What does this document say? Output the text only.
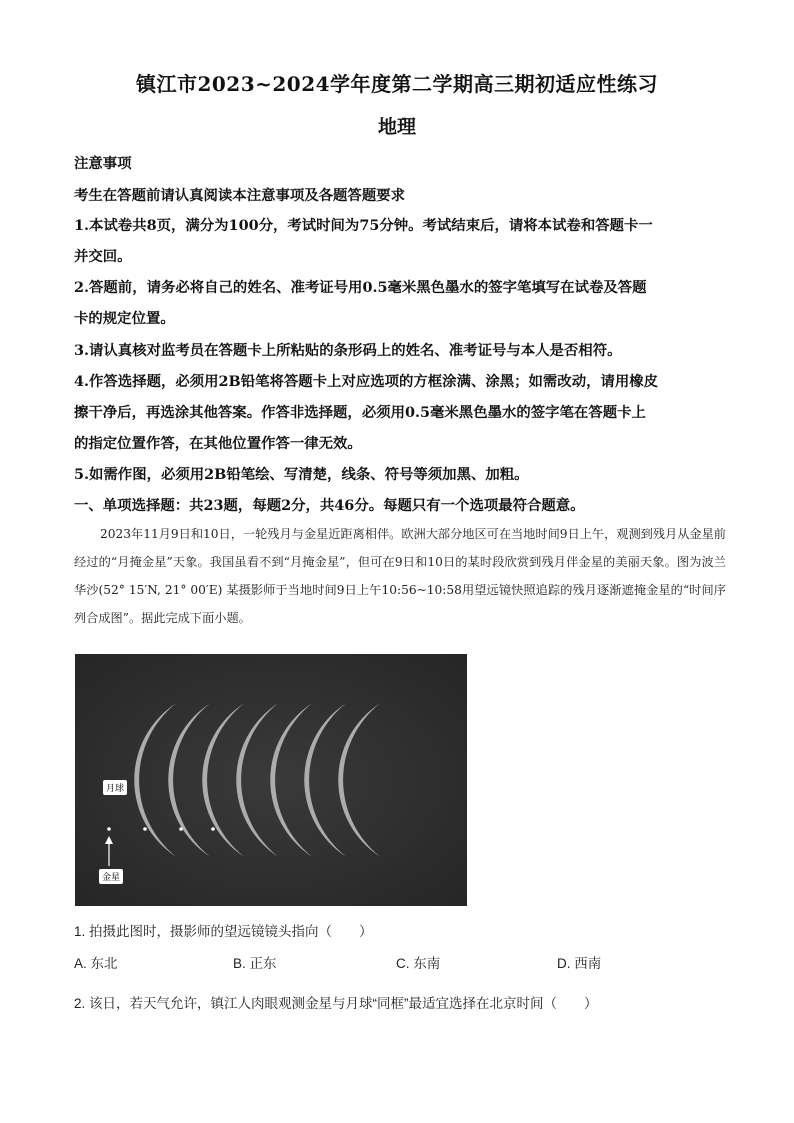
镇江市2023~2024学年度第二学期高三期初适应性练习
地理
注意事项
考生在答题前请认真阅读本注意事项及各题答题要求
1.本试卷共8页，满分为100分，考试时间为75分钟。考试结束后，请将本试卷和答题卡一
并交回。
2.答题前，请务必将自己的姓名、准考证号用0.5毫米黑色墨水的签字笔填写在试卷及答题
卡的规定位置。
3.请认真核对监考员在答题卡上所粘贴的条形码上的姓名、准考证号与本人是否相符。
4.作答选择题，必须用2B铅笔将答题卡上对应选项的方框涂满、涂黑；如需改动，请用橡皮
擦干净后，再选涂其他答案。作答非选择题，必须用0.5毫米黑色墨水的签字笔在答题卡上
的指定位置作答，在其他位置作答一律无效。
5.如需作图，必须用2B铅笔绘、写清楚，线条、符号等须加黑、加粗。
一、单项选择题：共23题，每题2分，共46分。每题只有一个选项最符合题意。
2023年11月9日和10日，一轮残月与金星近距离相伴。欧洲大部分地区可在当地时间9日上午，观测到残月从金星前经过的“月掩金星”天象。我国虽看不到“月掩金星”，但可在9日和10日的某时段欣赏到残月伴金星的美丽天象。图为波兰华沙(52° 15′N, 21° 00′E) 某摄影师于当地时间9日上午10:56~10:58用望远镜快照追踪的残月逐渐遮掩金星的“时间序列合成图”。据此完成下面小题。
月球
金星
1. 拍摄此图时，摄影师的望远镜镜头指向（　　）
A. 东北	B. 正东	C. 东南	D. 西南
2. 该日，若天气允许，镇江人肉眼观测金星与月球“同框”最适宜选择在北京时间（　　）
